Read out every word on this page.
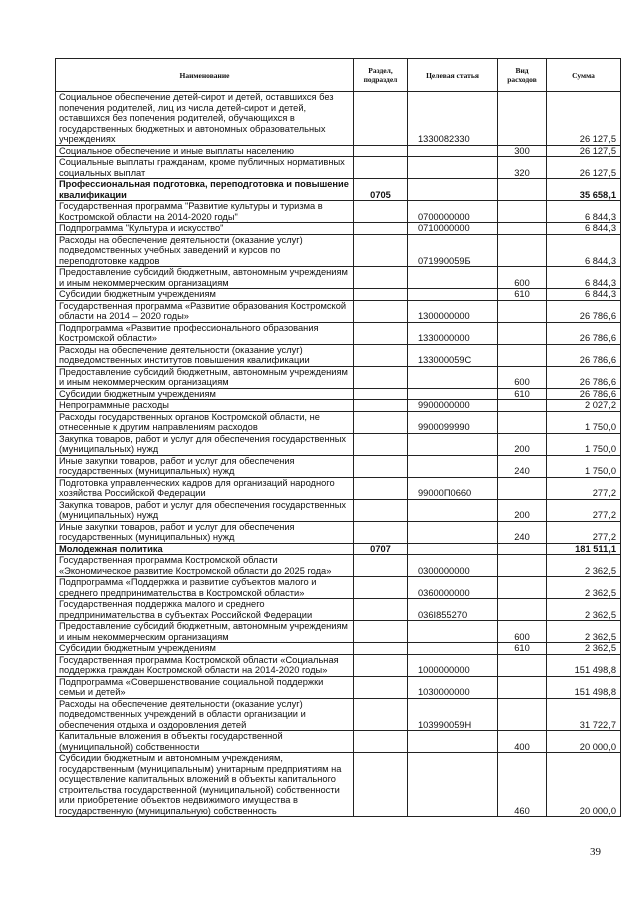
Наименование	Раздел, подраздел	Целевая статья	Вид расходов	Сумма
Социальное обеспечение детей-сирот и детей, оставшихся без попечения родителей, лиц из числа детей-сирот и детей, оставшихся без попечения родителей, обучающихся в государственных бюджетных и автономных образовательных учреждениях		1330082330		26 127,5
Социальное обеспечение и иные выплаты населению			300	26 127,5
Социальные выплаты гражданам, кроме публичных нормативных социальных выплат			320	26 127,5
Профессиональная подготовка, переподготовка и повышение квалификации	0705			35 658,1
Государственная программа "Развитие культуры и туризма в Костромской области на 2014-2020 годы"		0700000000		6 844,3
Подпрограмма "Культура и искусство"		0710000000		6 844,3
Расходы на обеспечение деятельности (оказание услуг) подведомственных учебных заведений и курсов по переподготовке кадров		071990059Б		6 844,3
Предоставление субсидий бюджетным, автономным учреждениям и иным некоммерческим организациям			600	6 844,3
Субсидии бюджетным учреждениям			610	6 844,3
Государственная программа «Развитие образования Костромской области на 2014 – 2020 годы»		1300000000		26 786,6
Подпрограмма «Развитие профессионального образования Костромской области»		1330000000		26 786,6
Расходы на обеспечение деятельности (оказание услуг) подведомственных институтов повышения квалификации		133000059С		26 786,6
Предоставление субсидий бюджетным, автономным учреждениям и иным некоммерческим организациям			600	26 786,6
Субсидии бюджетным учреждениям			610	26 786,6
Непрограммные расходы		9900000000		2 027,2
Расходы государственных органов Костромской области, не отнесенные к другим направлениям расходов		9900099990		1 750,0
Закупка товаров, работ и услуг для обеспечения государственных (муниципальных) нужд			200	1 750,0
Иные закупки товаров, работ и услуг для обеспечения государственных (муниципальных) нужд			240	1 750,0
Подготовка управленческих кадров для организаций народного хозяйства Российской Федерации		99000П0660		277,2
Закупка товаров, работ и услуг для обеспечения государственных (муниципальных) нужд			200	277,2
Иные закупки товаров, работ и услуг для обеспечения государственных (муниципальных) нужд			240	277,2
Молодежная политика	0707			181 511,1
Государственная программа Костромской области «Экономическое развитие Костромской области до 2025 года»		0300000000		2 362,5
Подпрограмма «Поддержка и развитие субъектов малого и среднего предпринимательства в Костромской области»		0360000000		2 362,5
Государственная поддержка малого и среднего предпринимательства в субъектах Российской Федерации		036I855270		2 362,5
Предоставление субсидий бюджетным, автономным учреждениям и иным некоммерческим организациям			600	2 362,5
Субсидии бюджетным учреждениям			610	2 362,5
Государственная программа Костромской области «Социальная поддержка граждан Костромской области на 2014-2020 годы»		1000000000		151 498,8
Подпрограмма «Совершенствование социальной поддержки семьи и детей»		1030000000		151 498,8
Расходы на обеспечение деятельности (оказание услуг) подведомственных учреждений в области организации и обеспечения отдыха и оздоровления детей		103990059Н		31 722,7
Капитальные вложения в объекты государственной (муниципальной) собственности			400	20 000,0
Субсидии бюджетным и автономным учреждениям, государственным (муниципальным) унитарным предприятиям на осуществление капитальных вложений в объекты капитального строительства государственной (муниципальной) собственности или приобретение объектов недвижимого имущества в государственную (муниципальную) собственность			460	20 000,0
39
